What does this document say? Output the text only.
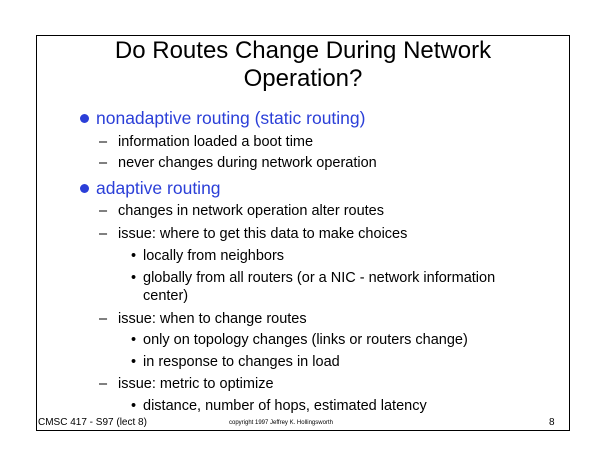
Do Routes Change During Network
Operation?
nonadaptive routing (static routing)
– information loaded a boot time
– never changes during network operation
adaptive routing
– changes in network operation alter routes
– issue: where to get this data to make choices
• locally from neighbors
• globally from all routers (or a NIC - network information
center)
– issue: when to change routes
• only on topology changes (links or routers change)
• in response to changes in load
– issue: metric to optimize
• distance, number of hops, estimated latency
CMSC 417 - S97 (lect 8)	copyright 1997 Jeffrey K. Hollingsworth	8
